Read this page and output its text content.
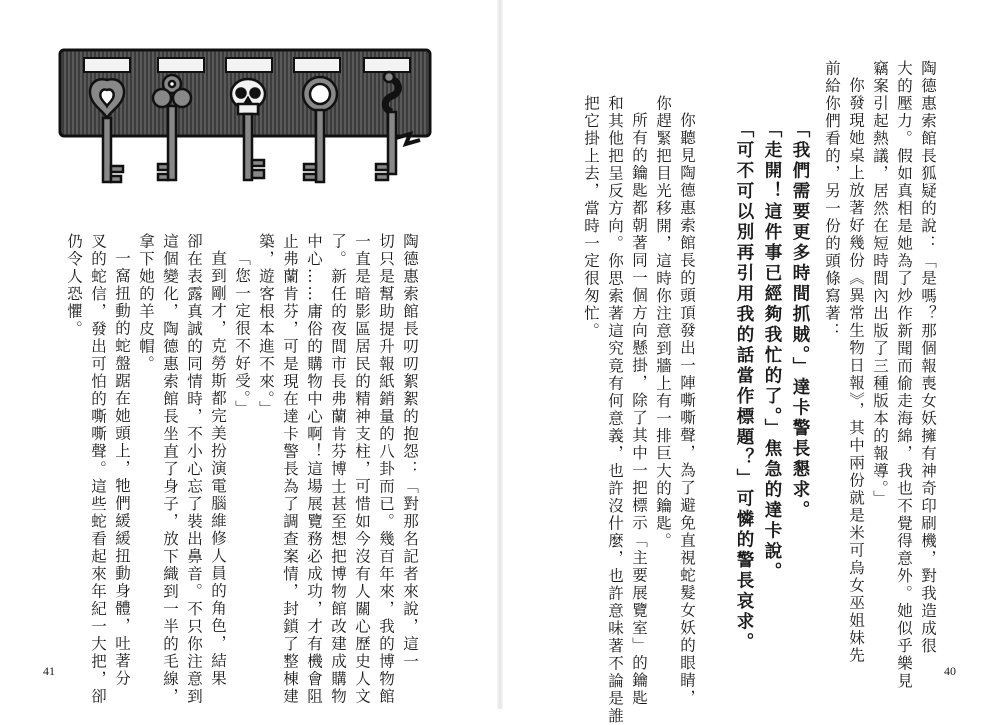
陶德惠索館長叨叨絮絮的抱怨：「對那名記者來說，這一
切只是幫助提升報紙銷量的八卦而已。幾百年來，我的博物館
一直是暗影區居民的精神支柱，可惜如今沒有人關心歷史人文
了。新任的夜間市長弗蘭肯芬博士甚至想把博物館改建成購物
中心……庸俗的購物中心啊！這場展覽務必成功，才有機會阻
止弗蘭肯芬，可是現在達卡警長為了調查案情，封鎖了整棟建
築，遊客根本進不來。」
「您一定很不好受。」
直到剛才，克勞斯都完美扮演電腦維修人員的角色，結果
卻在表露真誠的同情時，不小心忘了裝出鼻音。不只你注意到
這個變化，陶德惠索館長坐直了身子，放下織到一半的毛線，
拿下她的羊皮帽。
一窩扭動的蛇盤踞在她頭上，牠們緩緩扭動身體，吐著分
叉的蛇信，發出可怕的嘶嘶聲。這些蛇看起來年紀一大把，卻
仍令人恐懼。
41
陶德惠索館長狐疑的說：「是嗎？那個報喪女妖擁有神奇印刷機，對我造成很
大的壓力。假如真相是她為了炒作新聞而偷走海綿，我也不覺得意外。她似乎樂見
竊案引起熱議，居然在短時間內出版了三種版本的報導。」
你發現她桌上放著好幾份《異常生物日報》，其中兩份就是米可烏女巫姐妹先
前給你們看的，另一份的頭條寫著：
「我們需要更多時間抓賊。」達卡警長懇求。
「走開！這件事已經夠我忙的了。」焦急的達卡說。
「可不可以別再引用我的話當作標題？」可憐的警長哀求。
你聽見陶德惠索館長的頭頂發出一陣嘶嘶聲，為了避免直視蛇髮女妖的眼睛，
你趕緊把目光移開，這時你注意到牆上有一排巨大的鑰匙。
所有的鑰匙都朝著同一個方向懸掛，除了其中一把標示「主要展覽室」的鑰匙
和其他把呈反方向。你思索著這究竟有何意義，也許沒什麼，也許意味著不論是誰
把它掛上去，當時一定很匆忙。
40
